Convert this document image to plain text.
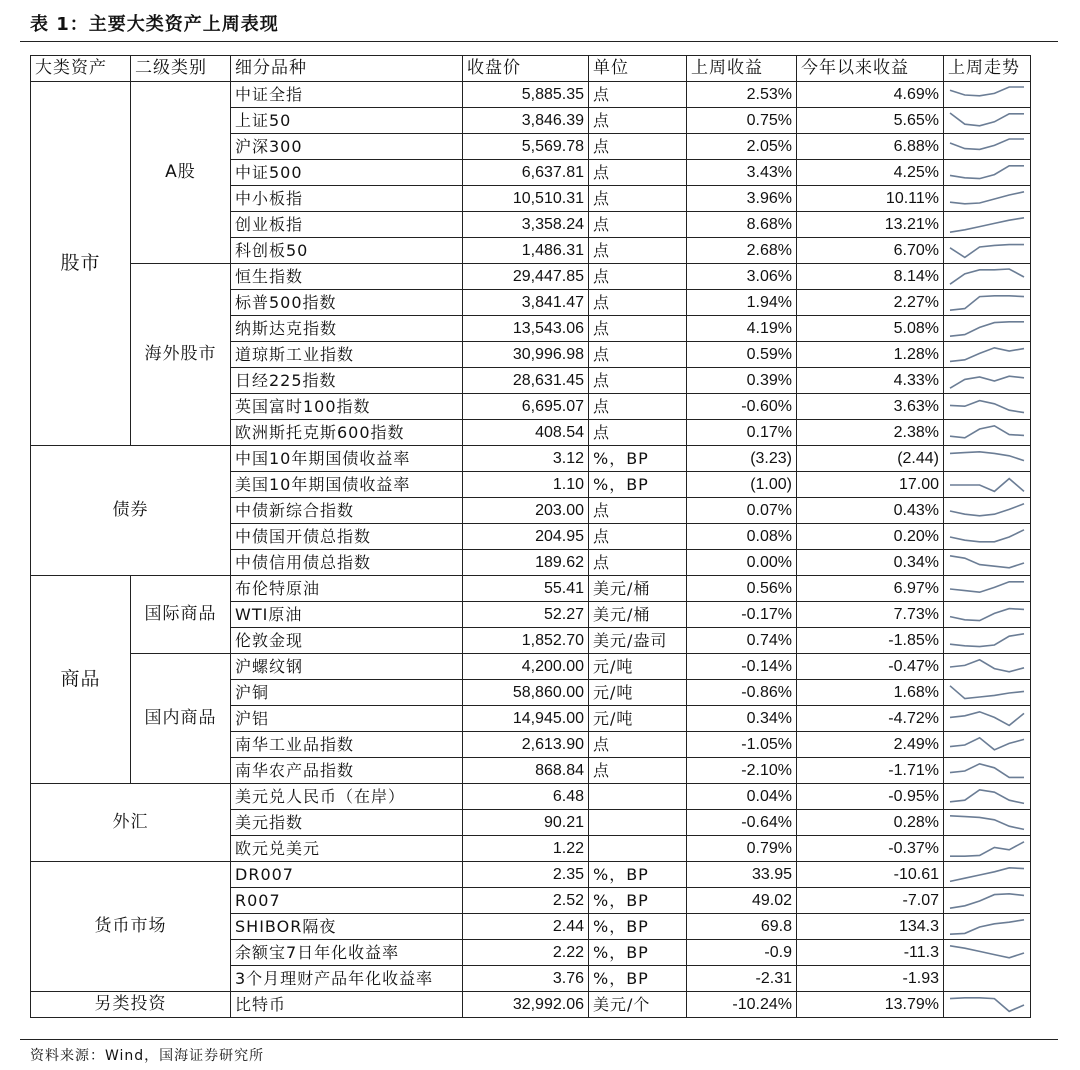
表 1：主要大类资产上周表现
大类资产	二级类别	细分品种	收盘价	单位	上周收益	今年以来收益	上周走势
股市	A股	中证全指	5,885.35	点	2.53%	4.69%	

		上证50	3,846.39	点	0.75%	5.65%	

		沪深300	5,569.78	点	2.05%	6.88%	

		中证500	6,637.81	点	3.43%	4.25%	

		中小板指	10,510.31	点	3.96%	10.11%	

		创业板指	3,358.24	点	8.68%	13.21%	

		科创板50	1,486.31	点	2.68%	6.70%	

	海外股市	恒生指数	29,447.85	点	3.06%	8.14%	

		标普500指数	3,841.47	点	1.94%	2.27%	

		纳斯达克指数	13,543.06	点	4.19%	5.08%	

		道琼斯工业指数	30,996.98	点	0.59%	1.28%	

		日经225指数	28,631.45	点	0.39%	4.33%	

		英国富时100指数	6,695.07	点	-0.60%	3.63%	

		欧洲斯托克斯600指数	408.54	点	0.17%	2.38%	

债券		中国10年期国债收益率	3.12	%，BP	(3.23)	(2.44)	

		美国10年期国债收益率	1.10	%，BP	(1.00)	17.00	

		中债新综合指数	203.00	点	0.07%	0.43%	

		中债国开债总指数	204.95	点	0.08%	0.20%	

		中债信用债总指数	189.62	点	0.00%	0.34%	

商品	国际商品	布伦特原油	55.41	美元/桶	0.56%	6.97%	

		WTI原油	52.27	美元/桶	-0.17%	7.73%	

		伦敦金现	1,852.70	美元/盎司	0.74%	-1.85%	

	国内商品	沪螺纹钢	4,200.00	元/吨	-0.14%	-0.47%	

		沪铜	58,860.00	元/吨	-0.86%	1.68%	

		沪铝	14,945.00	元/吨	0.34%	-4.72%	

		南华工业品指数	2,613.90	点	-1.05%	2.49%	

		南华农产品指数	868.84	点	-2.10%	-1.71%	

外汇		美元兑人民币（在岸）	6.48		0.04%	-0.95%	

		美元指数	90.21		-0.64%	0.28%	

		欧元兑美元	1.22		0.79%	-0.37%	

货币市场		DR007	2.35	%，BP	33.95	-10.61	

		R007	2.52	%，BP	49.02	-7.07	

		SHIBOR隔夜	2.44	%，BP	69.8	134.3	

		余额宝7日年化收益率	2.22	%，BP	-0.9	-11.3	

		3个月理财产品年化收益率	3.76	%，BP	-2.31	-1.93	
另类投资		比特币	32,992.06	美元/个	-10.24%	13.79%	
资料来源：Wind，国海证券研究所
